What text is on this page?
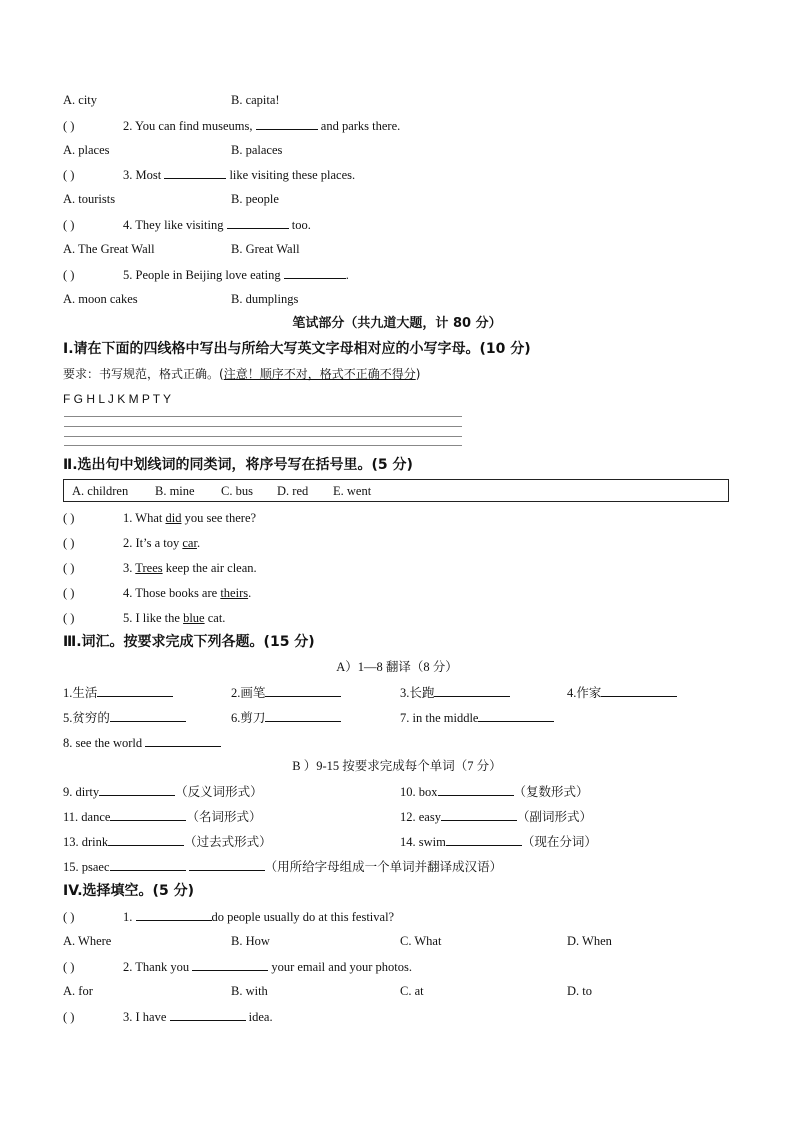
A. city	B. capita!
( )	2. You can find museums,	and parks there.
A. places	B. palaces
( )	3. Most	like visiting these places.
A. tourists	B. people
( )	4. They like visiting	too.
A. The Great Wall	B. Great Wall
( )	5. People in Beijing love eating	.
A. moon cakes	B. dumplings
笔试部分（共九道大题，计 80 分）
Ⅰ.请在下面的四线格中写出与所给大写英文字母相对应的小写字母。(10 分)
要求：书写规范，格式正确。(注意！顺序不对，格式不正确不得分)
F G H L J K M P T Y
Ⅱ.选出句中划线词的同类词，将序号写在括号里。(5 分)
A. children B. mine C. bus D. red E. went
( )	1. What did you see there?
( )	2. It’s a toy car.
( )	3. Trees keep the air clean.
( )	4. Those books are theirs.
( )	5. I like the blue cat.
Ⅲ.词汇。按要求完成下列各题。(15 分)
A）1—8 翻译（8 分）
1.生活	2.画笔	3.长跑	4.作家
5.贫穷的	6.剪刀	7. in the middle
8. see the world
B ）9-15 按要求完成每个单词（7 分）
9. dirty	（反义词形式）	10. box	（复数形式）
11. dance	（名词形式）	12. easy	（副词形式）
13. drink	（过去式形式）	14. swim	（现在分词）
15. psaec	（用所给字母组成一个单词并翻译成汉语）
IV.选择填空。(5 分)
( )	1.	do people usually do at this festival?
A. Where	B. How	C. What	D. When
( )	2. Thank you	your email and your photos.
A. for	B. with	C. at	D. to
( )	3. I have	idea.
